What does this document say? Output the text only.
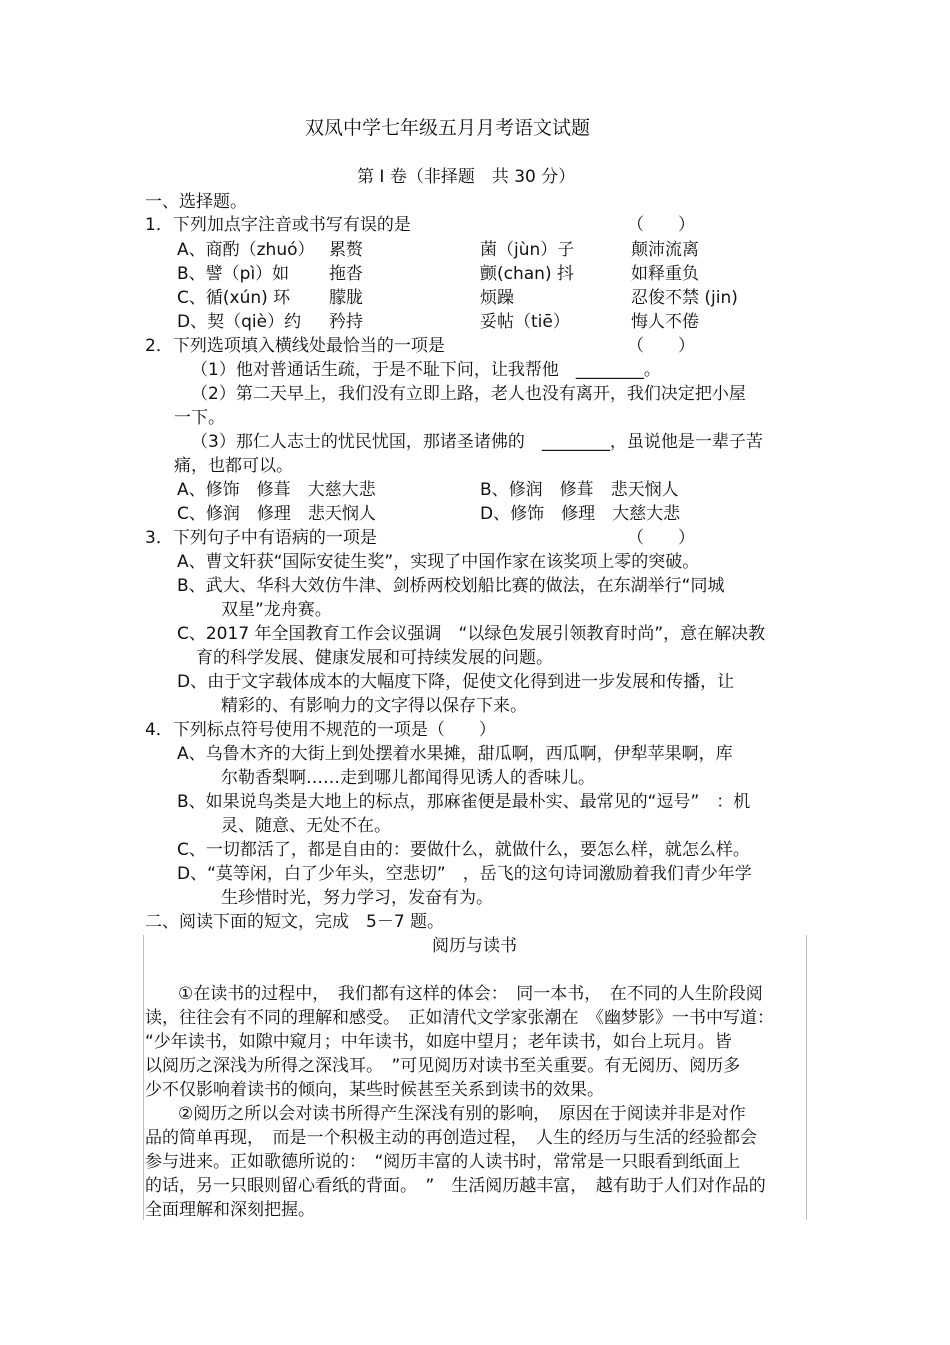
双凤中学七年级五月月考语文试题
第 I 卷（非择题　共 30 分）
一、选择题。
1．下列加点字注音或书写有误的是	（　　）
A、商酌（zhuó） 累赘	菌（jùn）子	颠沛流离
B、譬（pì）如 拖沓	颤(chan) 抖	如释重负
C、循(xún) 环 朦胧	烦躁	忍俊不禁 (jin)
D、契（qiè）约 矜持	妥帖（tiē）	悔人不倦
2．下列选项填入横线处最恰当的一项是	（　　）
（1）他对普通话生疏，于是不耻下问，让我帮他　________。
（2）第二天早上，我们没有立即上路，老人也没有离开，我们决定把小屋
一下。
（3）那仁人志士的忧民忧国，那诸圣诸佛的　________，虽说他是一辈子苦
痛，也都可以。
A、修饰　修葺　大慈大悲	B、修润　修葺　悲天悯人
C、修润　修理　悲天悯人	D、修饰　修理　大慈大悲
3．下列句子中有语病的一项是	（　　）
A、曹文轩获“国际安徒生奖”，实现了中国作家在该奖项上零的突破。
B、武大、华科大效仿牛津、剑桥两校划船比赛的做法，在东湖举行“同城
双星”龙舟赛。
C、2017 年全国教育工作会议强调　“以绿色发展引领教育时尚”，意在解决教
育的科学发展、健康发展和可持续发展的问题。
D、由于文字载体成本的大幅度下降，促使文化得到进一步发展和传播，让
精彩的、有影响力的文字得以保存下来。
4．下列标点符号使用不规范的一项是（　　）
A、乌鲁木齐的大街上到处摆着水果摊，甜瓜啊，西瓜啊，伊犁苹果啊，库
尔勒香梨啊……走到哪儿都闻得见诱人的香味儿。
B、如果说鸟类是大地上的标点，那麻雀便是最朴实、最常见的“逗号”　：机
灵、随意、无处不在。
C、一切都活了，都是自由的：要做什么，就做什么，要怎么样，就怎么样。
D、“莫等闲，白了少年头，空悲切”　，岳飞的这句诗词激励着我们青少年学
生珍惜时光，努力学习，发奋有为。
二、阅读下面的短文，完成　5－7 题。
阅历与读书
①在读书的过程中，　我们都有这样的体会：　同一本书，　在不同的人生阶段阅
读，往往会有不同的理解和感受。　正如清代文学家张潮在　《幽梦影》一书中写道：
“少年读书，如隙中窥月；中年读书，如庭中望月；老年读书，如台上玩月。皆
以阅历之深浅为所得之深浅耳。　”可见阅历对读书至关重要。有无阅历、阅历多
少不仅影响着读书的倾向，某些时候甚至关系到读书的效果。
②阅历之所以会对读书所得产生深浅有别的影响，　原因在于阅读并非是对作
品的简单再现，　而是一个积极主动的再创造过程，　人生的经历与生活的经验都会
参与进来。正如歌德所说的：　“阅历丰富的人读书时，常常是一只眼看到纸面上
的话，另一只眼则留心看纸的背面。　”　生活阅历越丰富，　越有助于人们对作品的
全面理解和深刻把握。
